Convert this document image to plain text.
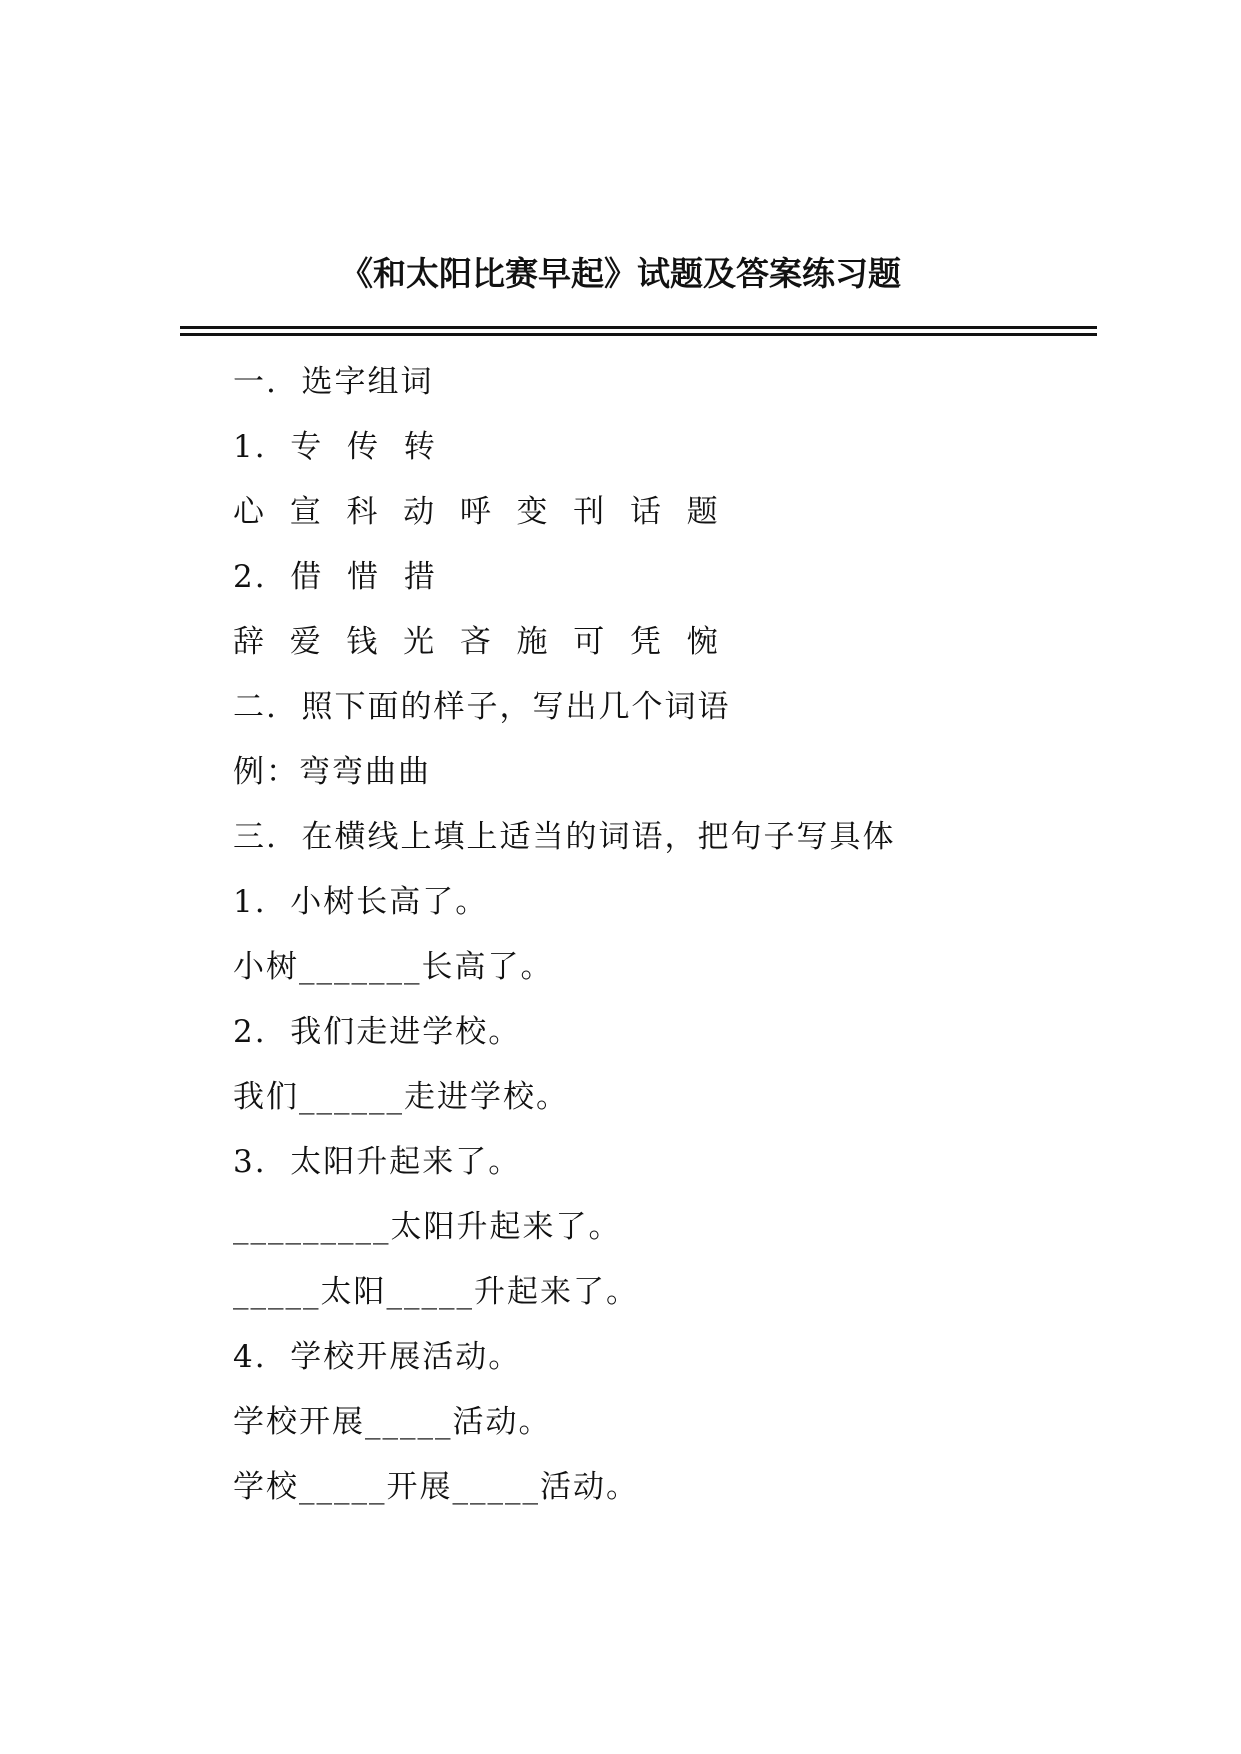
《和太阳比赛早起》试题及答案练习题
一.  选字组词
1.  专  传  转
心  宣  科  动  呼  变  刊  话  题
2.  借  惜  措
辞  爱  钱  光  吝  施  可  凭  惋
二.  照下面的样子，写出几个词语
例：弯弯曲曲
三.  在横线上填上适当的词语，把句子写具体
1.  小树长高了。
小树_______长高了。
2.  我们走进学校。
我们______走进学校。
3.  太阳升起来了。
_________太阳升起来了。
_____太阳_____升起来了。
4.  学校开展活动。
学校开展_____活动。
学校_____开展_____活动。
